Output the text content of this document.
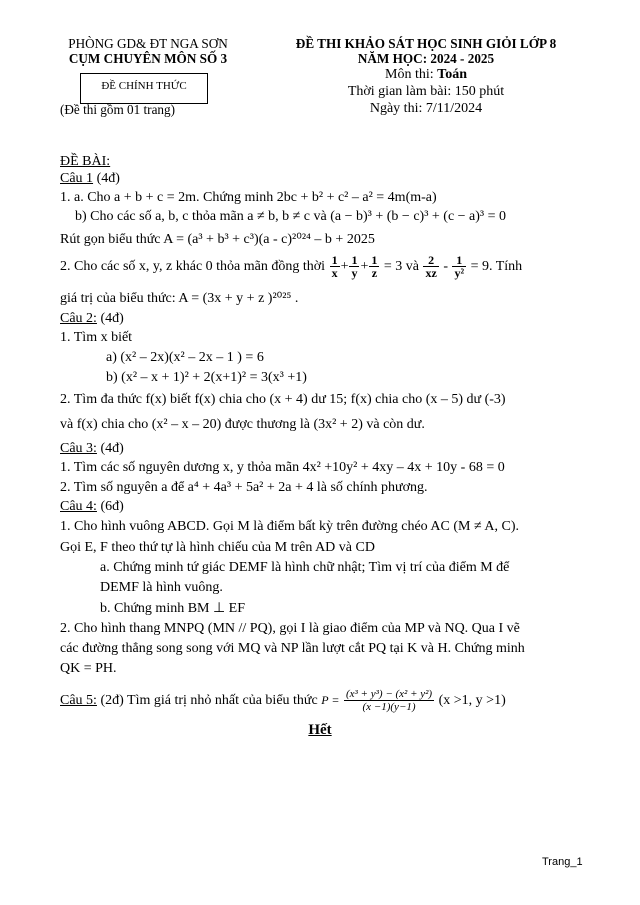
PHÒNG GD& ĐT NGA SƠN
CỤM CHUYÊN MÔN SỐ 3
ĐỀ CHÍNH THỨC
(Đề thi gồm 01 trang)
ĐỀ THI KHẢO SÁT HỌC SINH GIỎI LỚP 8
NĂM HỌC: 2024 - 2025
Môn thi: Toán
Thời gian làm bài: 150 phút
Ngày thi: 7/11/2024
ĐỀ BÀI:
Câu 1 (4đ)
1. a. Cho a + b + c = 2m. Chứng minh 2bc + b² + c² – a² = 4m(m-a)
b) Cho các số a, b, c thỏa mãn a ≠ b, b ≠ c và (a − b)³ + (b − c)³ + (c − a)³ = 0
Rút gọn biểu thức A = (a³ + b³ + c³)(a - c)²⁰²⁴ – b + 2025
2. Cho các số x, y, z khác 0 thỏa mãn đồng thời $\frac{1}{x} + \frac{1}{y} + \frac{1}{z} = 3$ và $\frac{2}{xz} - \frac{1}{\text{y²}} = 9$. Tính
giá trị của biểu thức: A = (3x + y + z )²⁰²⁵ .
Câu 2: (4đ)
1. Tìm x biết
a) (x² – 2x)(x² – 2x – 1 ) = 6
b) (x² – x + 1)² + 2(x+1)² = 3(x³ +1)
2. Tìm đa thức f(x) biết f(x) chia cho (x + 4) dư 15; f(x) chia cho (x – 5) dư (-3)
và f(x) chia cho (x² – x – 20) được thương là (3x² + 2) và còn dư.
Câu 3: (4đ)
1. Tìm các số nguyên dương x, y thỏa mãn 4x² +10y² + 4xy – 4x + 10y - 68 = 0
2. Tìm số nguyên a để a⁴ + 4a³ + 5a² + 2a + 4 là số chính phương.
Câu 4: (6đ)
1. Cho hình vuông ABCD. Gọi M là điểm bất kỳ trên đường chéo AC (M ≠ A, C).
Gọi E, F theo thứ tự là hình chiếu của M trên AD và CD
a. Chứng minh tứ giác DEMF là hình chữ nhật; Tìm vị trí của điểm M để
DEMF là hình vuông.
b. Chứng minh BM ⊥ EF
2. Cho hình thang MNPQ (MN // PQ), gọi I là giao điểm của MP và NQ. Qua I vẽ
các đường thẳng song song với MQ và NP lần lượt cắt PQ tại K và H. Chứng minh
QK = PH.
Câu 5: (2đ) Tìm giá trị nhỏ nhất của biểu thức $P = \frac{\text{(x³ + y³) − (x² + y²)}}{(x -1)(y-1)} (x >1$, y >1)
Hết
Trang_1
